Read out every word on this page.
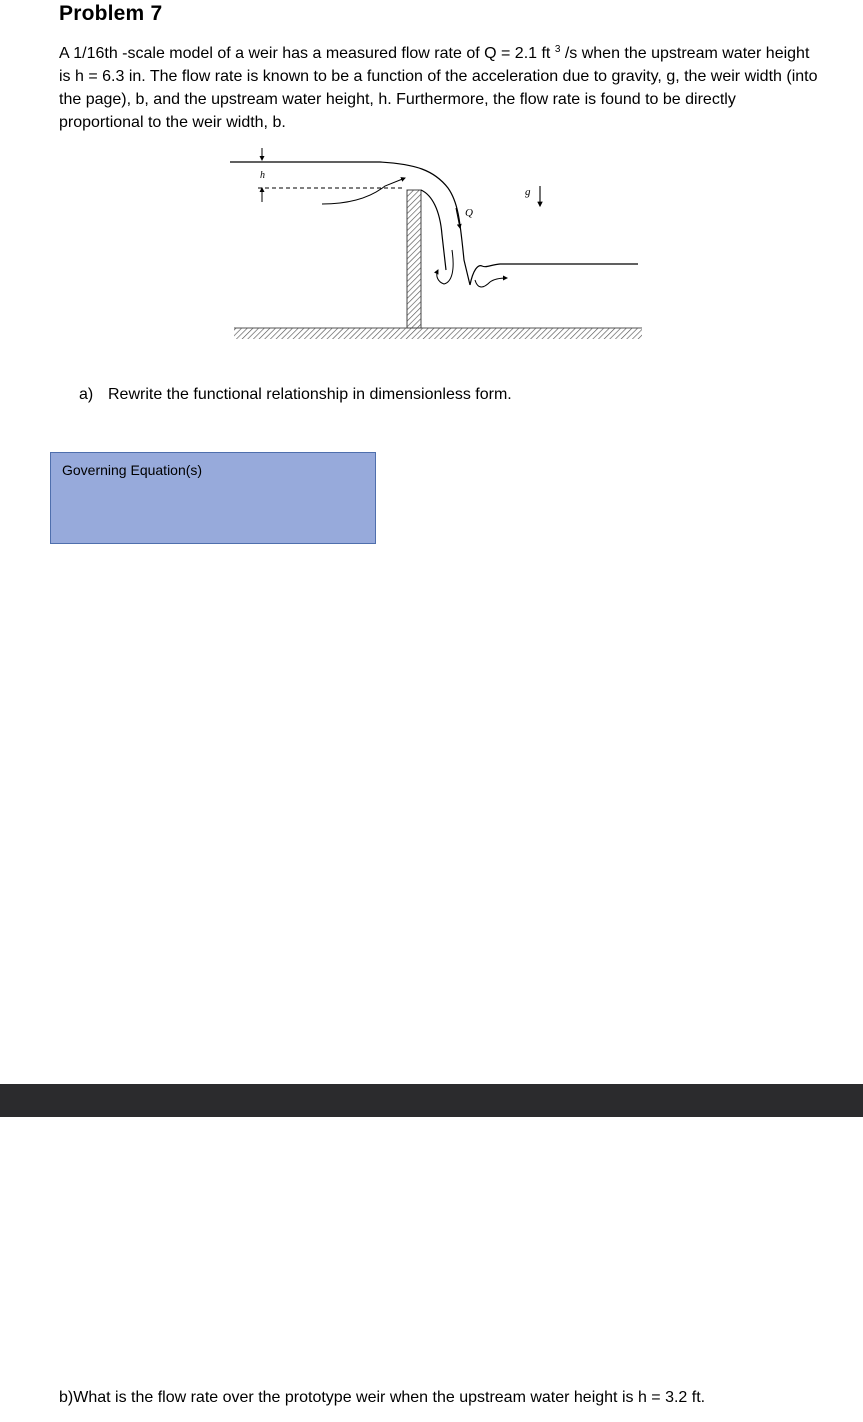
Problem 7
A 1/16th -scale model of a weir has a measured flow rate of Q = 2.1 ft $^3$ /s when the upstream water height is h = 6.3 in. The flow rate is known to be a function of the acceleration due to gravity, g, the weir width (into the page), b, and the upstream water height, h. Furthermore, the flow rate is found to be directly proportional to the weir width, b.
h
Q
g
a) Rewrite the functional relationship in dimensionless form.
Governing Equation(s)
b)What is the flow rate over the prototype weir when the upstream water height is h = 3.2 ft.
